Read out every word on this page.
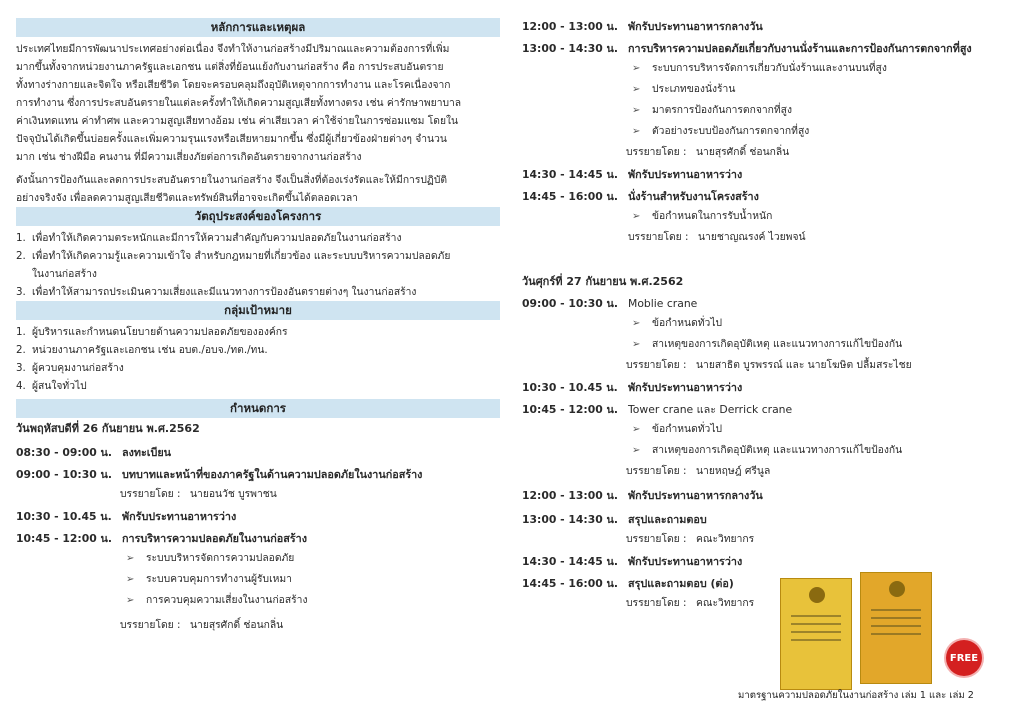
หลักการและเหตุผล
ประเทศไทยมีการพัฒนาประเทศอย่างต่อเนื่อง จึงทำให้งานก่อสร้างมีปริมาณและความต้องการที่เพิ่ม
มากขึ้นทั้งจากหน่วยงานภาครัฐและเอกชน แต่สิ่งที่ย้อนแย้งกับงานก่อสร้าง คือ การประสบอันตราย
ทั้งทางร่างกายและจิตใจ หรือเสียชีวิต โดยจะครอบคลุมถึงอุบัติเหตุจากการทำงาน และโรคเนื่องจาก
การทำงาน ซึ่งการประสบอันตรายในแต่ละครั้งทำให้เกิดความสูญเสียทั้งทางตรง เช่น ค่ารักษาพยาบาล
ค่าเงินทดแทน ค่าทำศพ และความสูญเสียทางอ้อม เช่น ค่าเสียเวลา ค่าใช้จ่ายในการซ่อมแซม โดยใน
ปัจจุบันได้เกิดขึ้นบ่อยครั้งและเพิ่มความรุนแรงหรือเสียหายมากขึ้น ซึ่งมีผู้เกี่ยวข้องฝ่ายต่างๆ จำนวน
มาก เช่น ช่างฝีมือ คนงาน ที่มีความเสี่ยงภัยต่อการเกิดอันตรายจากงานก่อสร้าง
ดังนั้นการป้องกันและลดการประสบอันตรายในงานก่อสร้าง จึงเป็นสิ่งที่ต้องเร่งรัดและให้มีการปฏิบัติ
อย่างจริงจัง เพื่อลดความสูญเสียชีวิตและทรัพย์สินที่อาจจะเกิดขึ้นได้ตลอดเวลา
วัตถุประสงค์ของโครงการ
1. เพื่อทำให้เกิดความตระหนักและมีการให้ความสำคัญกับความปลอดภัยในงานก่อสร้าง
2. เพื่อทำให้เกิดความรู้และความเข้าใจ สำหรับกฎหมายที่เกี่ยวข้อง และระบบบริหารความปลอดภัย
ในงานก่อสร้าง
3. เพื่อทำให้สามารถประเมินความเสี่ยงและมีแนวทางการป้องอันตรายต่างๆ ในงานก่อสร้าง
กลุ่มเป้าหมาย
1. ผู้บริหารและกำหนดนโยบายด้านความปลอดภัยขององค์กร
2. หน่วยงานภาครัฐและเอกชน เช่น อบต./อบจ./ทต./ทน.
3. ผู้ควบคุมงานก่อสร้าง
4. ผู้สนใจทั่วไป
กำหนดการ
วันพฤหัสบดีที่ 26 กันยายน พ.ศ.2562
08:30 - 09:00 น. ลงทะเบียน
09:00 - 10:30 น. บทบาทและหน้าที่ของภาครัฐในด้านความปลอดภัยในงานก่อสร้าง
บรรยายโดย : นายอนวัช บูรพาชน
10:30 - 10.45 น. พักรับประทานอาหารว่าง
10:45 - 12:00 น. การบริหารความปลอดภัยในงานก่อสร้าง
➢	ระบบบริหารจัดการความปลอดภัย
➢	ระบบควบคุมการทำงานผู้รับเหมา
➢	การควบคุมความเสี่ยงในงานก่อสร้าง
บรรยายโดย : นายสุรศักดิ์ ช่อนกลิ่น
12:00 - 13:00 น. พักรับประทานอาหารกลางวัน
13:00 - 14:30 น. การบริหารความปลอดภัยเกี่ยวกับงานนั่งร้านและการป้องกันการตกจากที่สูง
➢	ระบบการบริหารจัดการเกี่ยวกับนั่งร้านและงานบนที่สูง
➢	ประเภทของนั่งร้าน
➢	มาตรการป้องกันการตกจากที่สูง
➢	ตัวอย่างระบบป้องกันการตกจากที่สูง
บรรยายโดย : นายสุรศักดิ์ ช่อนกลิ่น
14:30 - 14:45 น. พักรับประทานอาหารว่าง
14:45 - 16:00 น. นั่งร้านสำหรับงานโครงสร้าง
➢	ข้อกำหนดในการรับน้ำหนัก
บรรยายโดย : นายชาญณรงค์ ไวยพจน์
วันศุกร์ที่ 27 กันยายน พ.ศ.2562
09:00 - 10:30 น. Moblie crane
➢	ข้อกำหนดทั่วไป
➢	สาเหตุของการเกิดอุบัติเหตุ และแนวทางการแก้ไขป้องกัน
บรรยายโดย : นายสาธิต บูรพรรณ์ และ นายโฆษิต ปลื้มสระไชย
10:30 - 10.45 น. พักรับประทานอาหารว่าง
10:45 - 12:00 น. Tower crane และ Derrick crane
➢	ข้อกำหนดทั่วไป
➢	สาเหตุของการเกิดอุบัติเหตุ และแนวทางการแก้ไขป้องกัน
บรรยายโดย : นายหฤษฎ์ ศรีนูล
12:00 - 13:00 น. พักรับประทานอาหารกลางวัน
13:00 - 14:30 น. สรุปและถามตอบ
บรรยายโดย : คณะวิทยากร
14:30 - 14:45 น. พักรับประทานอาหารว่าง
14:45 - 16:00 น. สรุปและถามตอบ (ต่อ)
บรรยายโดย : คณะวิทยากร
FREE
มาตรฐานความปลอดภัยในงานก่อสร้าง เล่ม 1 และ เล่ม 2
